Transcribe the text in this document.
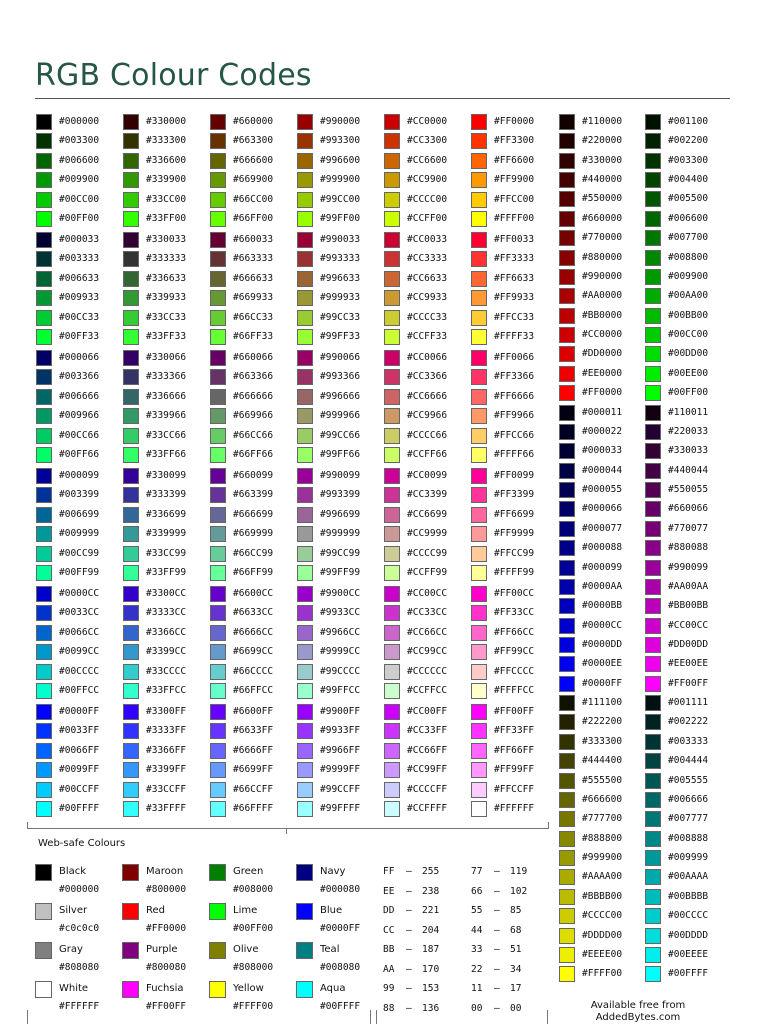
RGB Colour Codes
#000000
#003300
#006600
#009900
#00CC00
#00FF00
#000033
#003333
#006633
#009933
#00CC33
#00FF33
#000066
#003366
#006666
#009966
#00CC66
#00FF66
#000099
#003399
#006699
#009999
#00CC99
#00FF99
#0000CC
#0033CC
#0066CC
#0099CC
#00CCCC
#00FFCC
#0000FF
#0033FF
#0066FF
#0099FF
#00CCFF
#00FFFF
#330000
#333300
#336600
#339900
#33CC00
#33FF00
#330033
#333333
#336633
#339933
#33CC33
#33FF33
#330066
#333366
#336666
#339966
#33CC66
#33FF66
#330099
#333399
#336699
#339999
#33CC99
#33FF99
#3300CC
#3333CC
#3366CC
#3399CC
#33CCCC
#33FFCC
#3300FF
#3333FF
#3366FF
#3399FF
#33CCFF
#33FFFF
#660000
#663300
#666600
#669900
#66CC00
#66FF00
#660033
#663333
#666633
#669933
#66CC33
#66FF33
#660066
#663366
#666666
#669966
#66CC66
#66FF66
#660099
#663399
#666699
#669999
#66CC99
#66FF99
#6600CC
#6633CC
#6666CC
#6699CC
#66CCCC
#66FFCC
#6600FF
#6633FF
#6666FF
#6699FF
#66CCFF
#66FFFF
#990000
#993300
#996600
#999900
#99CC00
#99FF00
#990033
#993333
#996633
#999933
#99CC33
#99FF33
#990066
#993366
#996666
#999966
#99CC66
#99FF66
#990099
#993399
#996699
#999999
#99CC99
#99FF99
#9900CC
#9933CC
#9966CC
#9999CC
#99CCCC
#99FFCC
#9900FF
#9933FF
#9966FF
#9999FF
#99CCFF
#99FFFF
#CC0000
#CC3300
#CC6600
#CC9900
#CCCC00
#CCFF00
#CC0033
#CC3333
#CC6633
#CC9933
#CCCC33
#CCFF33
#CC0066
#CC3366
#CC6666
#CC9966
#CCCC66
#CCFF66
#CC0099
#CC3399
#CC6699
#CC9999
#CCCC99
#CCFF99
#CC00CC
#CC33CC
#CC66CC
#CC99CC
#CCCCCC
#CCFFCC
#CC00FF
#CC33FF
#CC66FF
#CC99FF
#CCCCFF
#CCFFFF
#FF0000
#FF3300
#FF6600
#FF9900
#FFCC00
#FFFF00
#FF0033
#FF3333
#FF6633
#FF9933
#FFCC33
#FFFF33
#FF0066
#FF3366
#FF6666
#FF9966
#FFCC66
#FFFF66
#FF0099
#FF3399
#FF6699
#FF9999
#FFCC99
#FFFF99
#FF00CC
#FF33CC
#FF66CC
#FF99CC
#FFCCCC
#FFFFCC
#FF00FF
#FF33FF
#FF66FF
#FF99FF
#FFCCFF
#FFFFFF
#110000
#220000
#330000
#440000
#550000
#660000
#770000
#880000
#990000
#AA0000
#BB0000
#CC0000
#DD0000
#EE0000
#FF0000
#000011
#000022
#000033
#000044
#000055
#000066
#000077
#000088
#000099
#0000AA
#0000BB
#0000CC
#0000DD
#0000EE
#0000FF
#111100
#222200
#333300
#444400
#555500
#666600
#777700
#888800
#999900
#AAAA00
#BBBB00
#CCCC00
#DDDD00
#EEEE00
#FFFF00
#001100
#002200
#003300
#004400
#005500
#006600
#007700
#008800
#009900
#00AA00
#00BB00
#00CC00
#00DD00
#00EE00
#00FF00
#110011
#220033
#330033
#440044
#550055
#660066
#770077
#880088
#990099
#AA00AA
#BB00BB
#CC00CC
#DD00DD
#EE00EE
#FF00FF
#001111
#002222
#003333
#004444
#005555
#006666
#007777
#008888
#009999
#00AAAA
#00BBBB
#00CCCC
#00DDDD
#00EEEE
#00FFFF
Web-safe Colours
Black
#000000
Silver
#c0c0c0
Gray
#808080
White
#FFFFFF
Maroon
#800000
Red
#FF0000
Purple
#800080
Fuchsia
#FF00FF
Green
#008000
Lime
#00FF00
Olive
#808000
Yellow
#FFFF00
Navy
#000080
Blue
#0000FF
Teal
#008080
Aqua
#00FFFF
FF – 255
EE – 238
DD – 221
CC – 204
BB – 187
AA – 170
99 – 153
88 – 136
77 – 119
66 – 102
55 – 85
44 – 68
33 – 51
22 – 34
11 – 17
00 – 00	Available free from
AddedBytes.com
